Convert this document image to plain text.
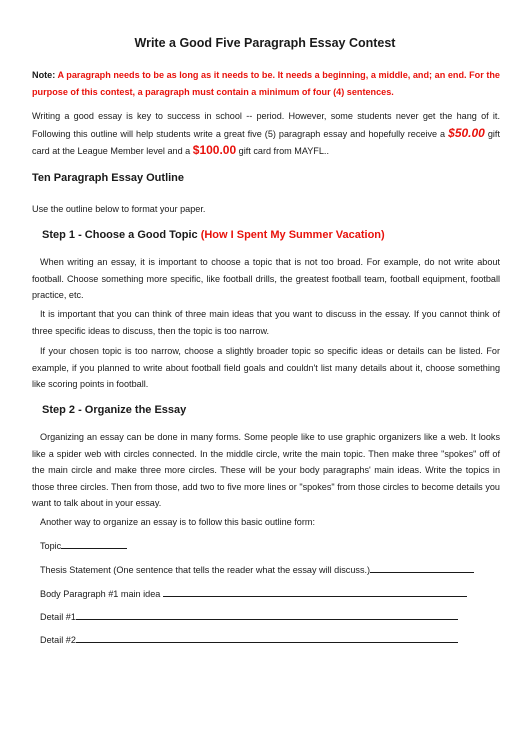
Write a Good Five Paragraph Essay Contest
Note: A paragraph needs to be as long as it needs to be. It needs a beginning, a middle, and; an end. For the purpose of this contest, a paragraph must contain a minimum of four (4) sentences.
Writing a good essay is key to success in school -- period. However, some students never get the hang of it. Following this outline will help students write a great five (5) paragraph essay and hopefully receive a $50.00 gift card at the League Member level and a $100.00 gift card from MAYFL..
Ten Paragraph Essay Outline
Use the outline below to format your paper.
Step 1 - Choose a Good Topic (How I Spent My Summer Vacation)
When writing an essay, it is important to choose a topic that is not too broad. For example, do not write about football. Choose something more specific, like football drills, the greatest football team, football equipment, football practice, etc.
It is important that you can think of three main ideas that you want to discuss in the essay. If you cannot think of three specific ideas to discuss, then the topic is too narrow.
If your chosen topic is too narrow, choose a slightly broader topic so specific ideas or details can be listed. For example, if you planned to write about football field goals and couldn't list many details about it, choose something like scoring points in football.
Step 2 - Organize the Essay
Organizing an essay can be done in many forms. Some people like to use graphic organizers like a web. It looks like a spider web with circles connected. In the middle circle, write the main topic. Then make three "spokes" off of the main circle and make three more circles. These will be your body paragraphs' main ideas. Write the topics in those three circles. Then from those, add two to five more lines or "spokes" from those circles to become details you want to talk about in your essay.
Another way to organize an essay is to follow this basic outline form:
Topic
Thesis Statement (One sentence that tells the reader what the essay will discuss.)
Body Paragraph #1 main idea
Detail #1
Detail #2
